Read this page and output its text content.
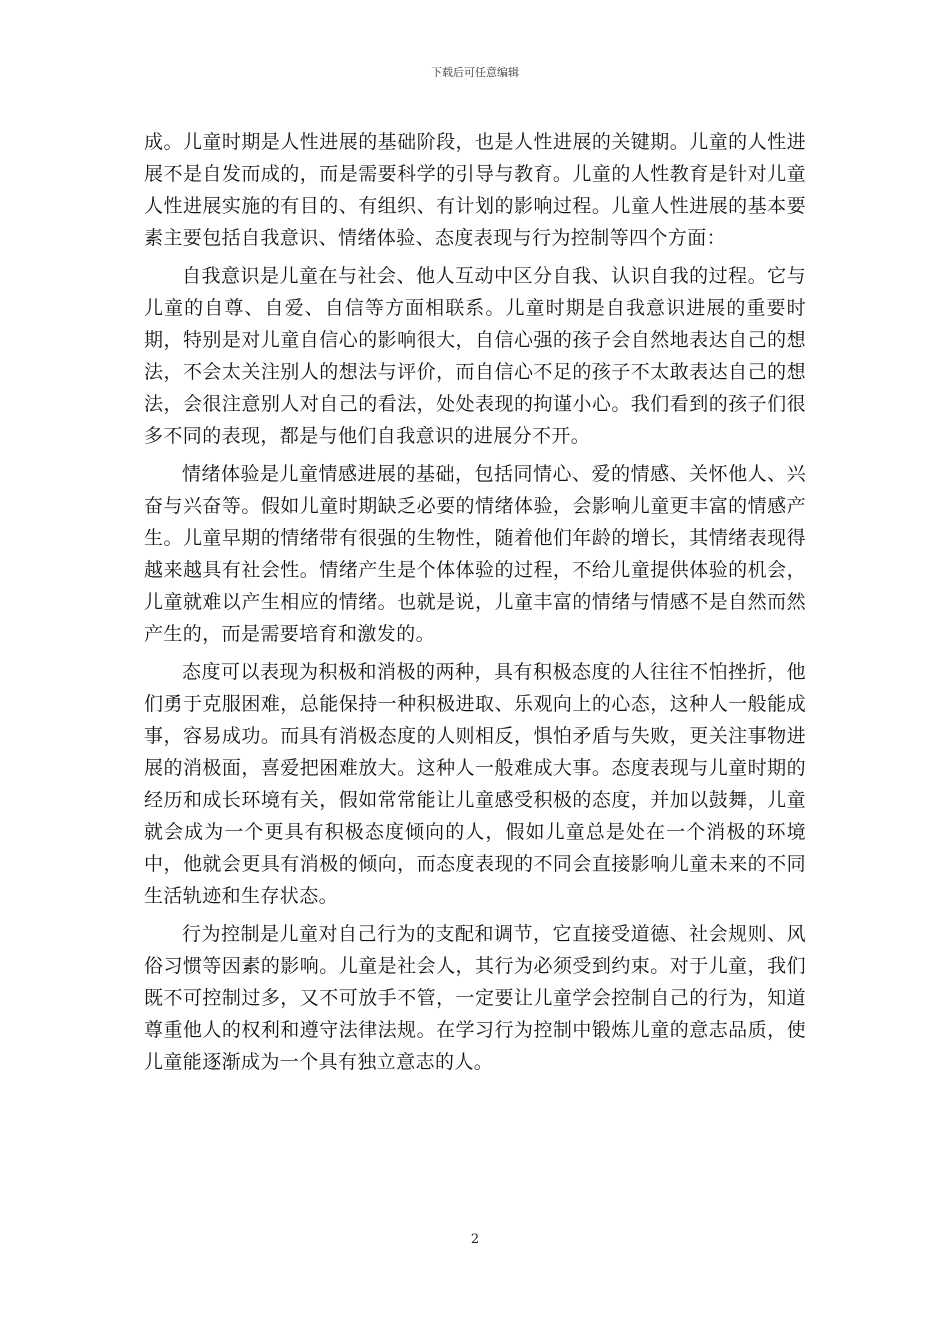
下载后可任意编辑

成。儿童时期是人性进展的基础阶段，也是人性进展的关键期。儿童的人性进展不是自发而成的，而是需要科学的引导与教育。儿童的人性教育是针对儿童人性进展实施的有目的、有组织、有计划的影响过程。儿童人性进展的基本要素主要包括自我意识、情绪体验、态度表现与行为控制等四个方面：

自我意识是儿童在与社会、他人互动中区分自我、认识自我的过程。它与儿童的自尊、自爱、自信等方面相联系。儿童时期是自我意识进展的重要时期，特别是对儿童自信心的影响很大，自信心强的孩子会自然地表达自己的想法，不会太关注别人的想法与评价，而自信心不足的孩子不太敢表达自己的想法，会很注意别人对自己的看法，处处表现的拘谨小心。我们看到的孩子们很多不同的表现，都是与他们自我意识的进展分不开。

情绪体验是儿童情感进展的基础，包括同情心、爱的情感、关怀他人、兴奋与兴奋等。假如儿童时期缺乏必要的情绪体验，会影响儿童更丰富的情感产生。儿童早期的情绪带有很强的生物性，随着他们年龄的增长，其情绪表现得越来越具有社会性。情绪产生是个体体验的过程，不给儿童提供体验的机会，儿童就难以产生相应的情绪。也就是说，儿童丰富的情绪与情感不是自然而然产生的，而是需要培育和激发的。

态度可以表现为积极和消极的两种，具有积极态度的人往往不怕挫折，他们勇于克服困难，总能保持一种积极进取、乐观向上的心态，这种人一般能成事，容易成功。而具有消极态度的人则相反，惧怕矛盾与失败，更关注事物进展的消极面，喜爱把困难放大。这种人一般难成大事。态度表现与儿童时期的经历和成长环境有关，假如常常能让儿童感受积极的态度，并加以鼓舞，儿童就会成为一个更具有积极态度倾向的人，假如儿童总是处在一个消极的环境中，他就会更具有消极的倾向，而态度表现的不同会直接影响儿童未来的不同生活轨迹和生存状态。

行为控制是儿童对自己行为的支配和调节，它直接受道德、社会规则、风俗习惯等因素的影响。儿童是社会人，其行为必须受到约束。对于儿童，我们既不可控制过多，又不可放手不管，一定要让儿童学会控制自己的行为，知道尊重他人的权利和遵守法律法规。在学习行为控制中锻炼儿童的意志品质，使儿童能逐渐成为一个具有独立意志的人。

2
